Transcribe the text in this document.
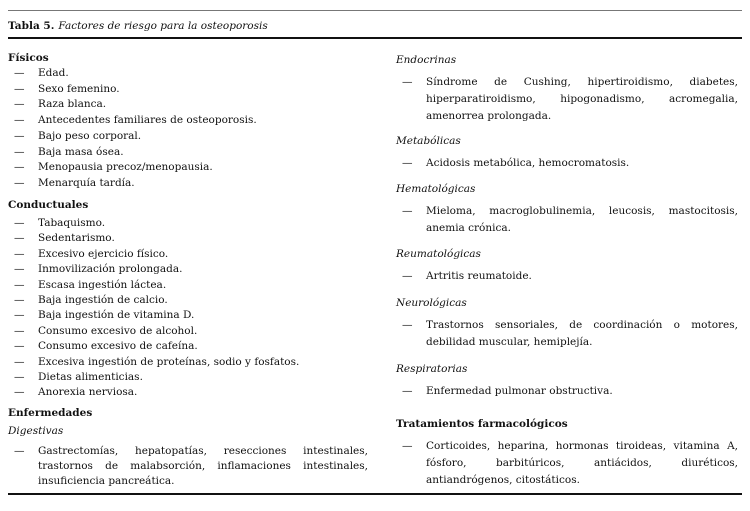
Tabla 5. Factores de riesgo para la osteoporosis
Físicos
— Edad.
— Sexo femenino.
— Raza blanca.
— Antecedentes familiares de osteoporosis.
— Bajo peso corporal.
— Baja masa ósea.
— Menopausia precoz/menopausia.
— Menarquía tardía.
Conductuales
— Tabaquismo.
— Sedentarismo.
— Excesivo ejercicio físico.
— Inmovilización prolongada.
— Escasa ingestión láctea.
— Baja ingestión de calcio.
— Baja ingestión de vitamina D.
— Consumo excesivo de alcohol.
— Consumo excesivo de cafeína.
— Excesiva ingestión de proteínas, sodio y fosfatos.
— Dietas alimenticias.
— Anorexia nerviosa.
Enfermedades
Digestivas
— Gastrectomías, hepatopatías, resecciones intestinales, trastornos de malabsorción, inflamaciones intestinales, insuficiencia pancreática.
Endocrinas
— Síndrome de Cushing, hipertiroidismo, diabetes, hiperparatiroidismo, hipogonadismo, acromegalia, amenorrea prolongada.
Metabólicas
— Acidosis metabólica, hemocromatosis.
Hematológicas
— Mieloma, macroglobulinemia, leucosis, mastocitosis, anemia crónica.
Reumatológicas
— Artritis reumatoide.
Neurológicas
— Trastornos sensoriales, de coordinación o motores, debilidad muscular, hemiplejía.
Respiratorias
— Enfermedad pulmonar obstructiva.
Tratamientos farmacológicos
— Corticoides, heparina, hormonas tiroideas, vitamina A, fósforo, barbitúricos, antiácidos, diuréticos, antiandrógenos, citostáticos.
